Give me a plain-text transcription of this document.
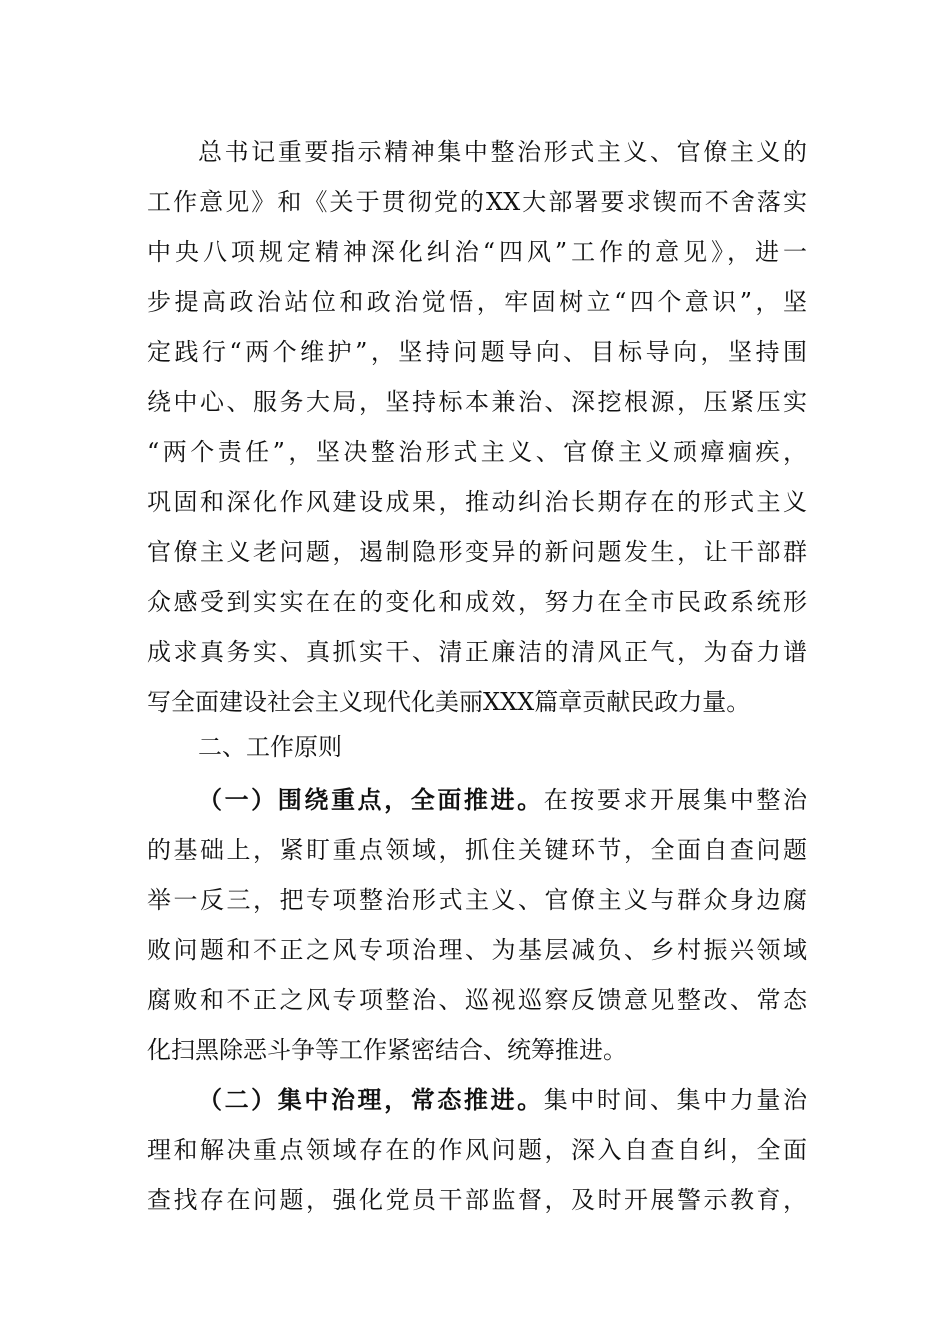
总书记重要指示精神集中整治形式主义、官僚主义的
工作意见》和《关于贯彻党的XX大部署要求锲而不舍落实
中央八项规定精神深化纠治“四风”工作的意见》，进一
步提高政治站位和政治觉悟，牢固树立“四个意识”，坚
定践行“两个维护”，坚持问题导向、目标导向，坚持围
绕中心、服务大局，坚持标本兼治、深挖根源，压紧压实
“两个责任”，坚决整治形式主义、官僚主义顽瘴痼疾，
巩固和深化作风建设成果，推动纠治长期存在的形式主义
官僚主义老问题，遏制隐形变异的新问题发生，让干部群
众感受到实实在在的变化和成效，努力在全市民政系统形
成求真务实、真抓实干、清正廉洁的清风正气，为奋力谱
写全面建设社会主义现代化美丽XXX篇章贡献民政力量。
二、工作原则
（一）围绕重点，全面推进。在按要求开展集中整治
的基础上，紧盯重点领域，抓住关键环节，全面自查问题
举一反三，把专项整治形式主义、官僚主义与群众身边腐
败问题和不正之风专项治理、为基层减负、乡村振兴领域
腐败和不正之风专项整治、巡视巡察反馈意见整改、常态
化扫黑除恶斗争等工作紧密结合、统筹推进。
（二）集中治理，常态推进。集中时间、集中力量治
理和解决重点领域存在的作风问题，深入自查自纠，全面
查找存在问题，强化党员干部监督，及时开展警示教育，
